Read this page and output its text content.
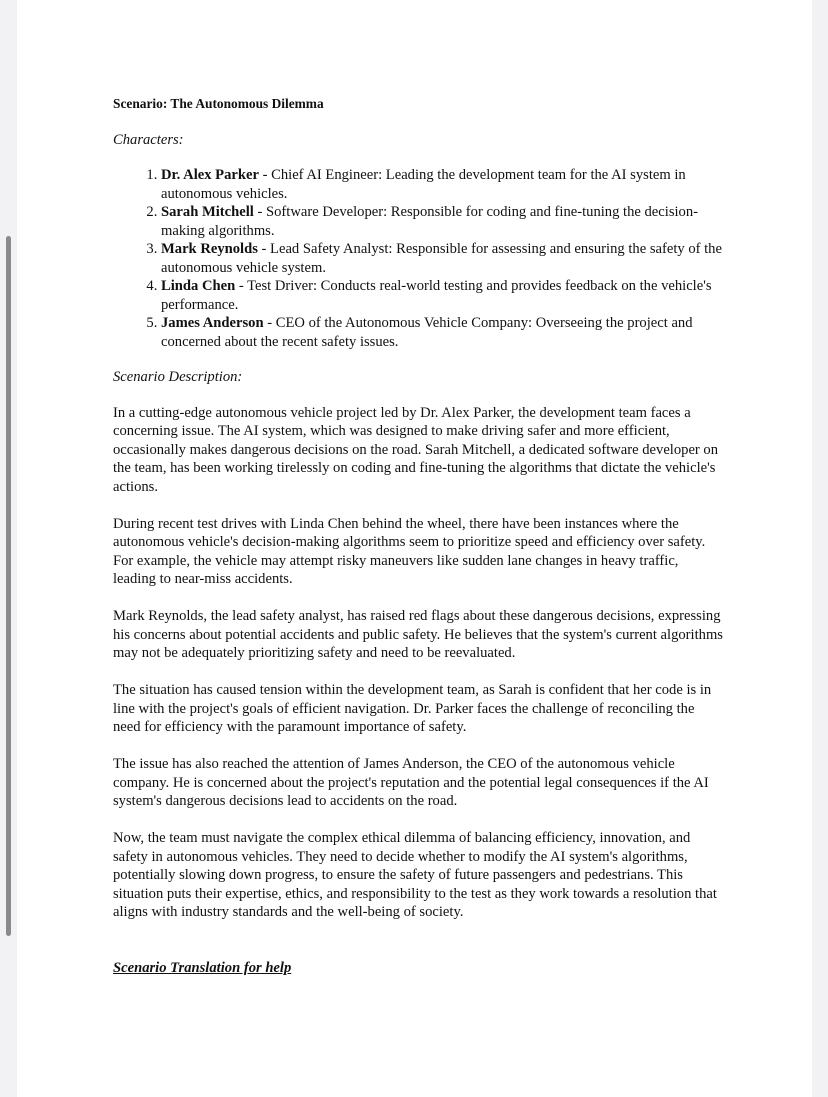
Scenario: The Autonomous Dilemma
Characters:
1. Dr. Alex Parker - Chief AI Engineer: Leading the development team for the AI system in autonomous vehicles.
2. Sarah Mitchell - Software Developer: Responsible for coding and fine-tuning the decision-making algorithms.
3. Mark Reynolds - Lead Safety Analyst: Responsible for assessing and ensuring the safety of the autonomous vehicle system.
4. Linda Chen - Test Driver: Conducts real-world testing and provides feedback on the vehicle's performance.
5. James Anderson - CEO of the Autonomous Vehicle Company: Overseeing the project and concerned about the recent safety issues.
Scenario Description:

In a cutting-edge autonomous vehicle project led by Dr. Alex Parker, the development team faces a concerning issue. The AI system, which was designed to make driving safer and more efficient, occasionally makes dangerous decisions on the road. Sarah Mitchell, a dedicated software developer on the team, has been working tirelessly on coding and fine-tuning the algorithms that dictate the vehicle's actions.

During recent test drives with Linda Chen behind the wheel, there have been instances where the autonomous vehicle's decision-making algorithms seem to prioritize speed and efficiency over safety. For example, the vehicle may attempt risky maneuvers like sudden lane changes in heavy traffic, leading to near-miss accidents.

Mark Reynolds, the lead safety analyst, has raised red flags about these dangerous decisions, expressing his concerns about potential accidents and public safety. He believes that the system's current algorithms may not be adequately prioritizing safety and need to be reevaluated.

The situation has caused tension within the development team, as Sarah is confident that her code is in line with the project's goals of efficient navigation. Dr. Parker faces the challenge of reconciling the need for efficiency with the paramount importance of safety.

The issue has also reached the attention of James Anderson, the CEO of the autonomous vehicle company. He is concerned about the project's reputation and the potential legal consequences if the AI system's dangerous decisions lead to accidents on the road.

Now, the team must navigate the complex ethical dilemma of balancing efficiency, innovation, and safety in autonomous vehicles. They need to decide whether to modify the AI system's algorithms, potentially slowing down progress, to ensure the safety of future passengers and pedestrians. This situation puts their expertise, ethics, and responsibility to the test as they work towards a resolution that aligns with industry standards and the well-being of society.

Scenario Translation for help
